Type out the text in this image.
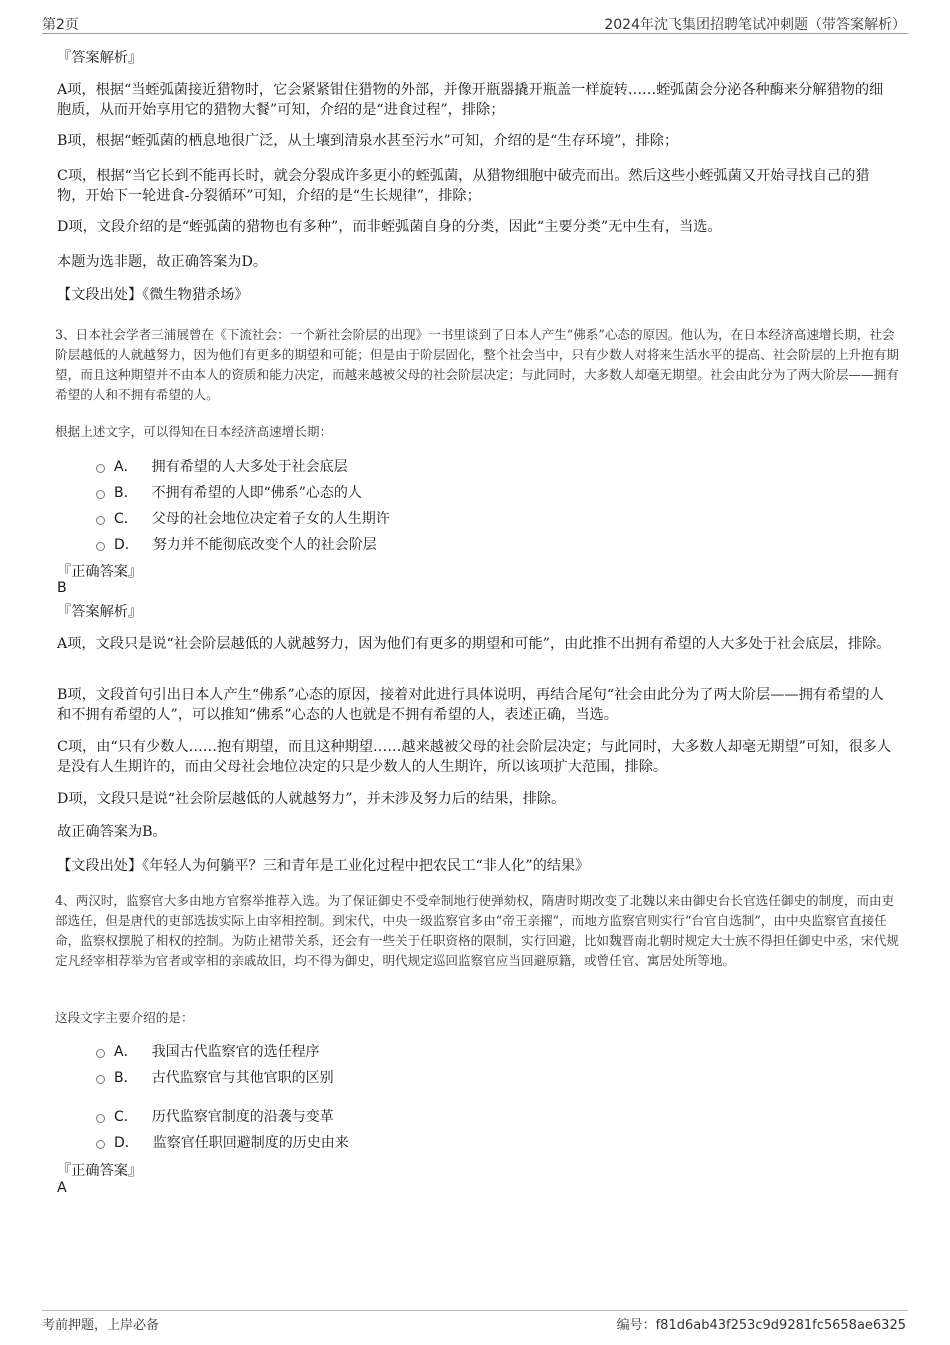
第2页	2024年沈飞集团招聘笔试冲刺题（带答案解析）
『答案解析』
A项，根据“当蛭弧菌接近猎物时，它会紧紧钳住猎物的外部，并像开瓶器撬开瓶盖一样旋转……蛭弧菌会分泌各种酶来分解猎物的细胞质，从而开始享用它的猎物大餐”可知，介绍的是“进食过程”，排除；
B项，根据“蛭弧菌的栖息地很广泛，从土壤到清泉水甚至污水”可知，介绍的是“生存环境”，排除；
C项，根据“当它长到不能再长时，就会分裂成许多更小的蛭弧菌，从猎物细胞中破壳而出。然后这些小蛭弧菌又开始寻找自己的猎物，开始下一轮进食-分裂循环”可知，介绍的是“生长规律”，排除；
D项，文段介绍的是“蛭弧菌的猎物也有多种”，而非蛭弧菌自身的分类，因此“主要分类”无中生有，当选。
本题为选非题，故正确答案为D。
【文段出处】《微生物猎杀场》
3、日本社会学者三浦展曾在《下流社会：一个新社会阶层的出现》一书里谈到了日本人产生“佛系”心态的原因。他认为，在日本经济高速增长期，社会阶层越低的人就越努力，因为他们有更多的期望和可能；但是由于阶层固化，整个社会当中，只有少数人对将来生活水平的提高、社会阶层的上升抱有期望，而且这种期望并不由本人的资质和能力决定，而越来越被父母的社会阶层决定；与此同时，大多数人却毫无期望。社会由此分为了两大阶层——拥有希望的人和不拥有希望的人。
根据上述文字，可以得知在日本经济高速增长期：
A． 拥有希望的人大多处于社会底层
B． 不拥有希望的人即“佛系”心态的人
C． 父母的社会地位决定着子女的人生期许
D． 努力并不能彻底改变个人的社会阶层
『正确答案』
B
『答案解析』
A项，文段只是说“社会阶层越低的人就越努力，因为他们有更多的期望和可能”，由此推不出拥有希望的人大多处于社会底层，排除。
B项，文段首句引出日本人产生“佛系”心态的原因，接着对此进行具体说明，再结合尾句“社会由此分为了两大阶层——拥有希望的人和不拥有希望的人”，可以推知“佛系”心态的人也就是不拥有希望的人，表述正确，当选。
C项，由“只有少数人……抱有期望，而且这种期望……越来越被父母的社会阶层决定；与此同时，大多数人却毫无期望”可知，很多人是没有人生期许的，而由父母社会地位决定的只是少数人的人生期许，所以该项扩大范围，排除。
D项，文段只是说“社会阶层越低的人就越努力”，并未涉及努力后的结果，排除。
故正确答案为B。
【文段出处】《年轻人为何躺平？三和青年是工业化过程中把农民工“非人化”的结果》
4、两汉时，监察官大多由地方官察举推荐入选。为了保证御史不受牵制地行使弹劾权，隋唐时期改变了北魏以来由御史台长官选任御史的制度，而由吏部选任，但是唐代的吏部选拔实际上由宰相控制。到宋代，中央一级监察官多由“帝王亲擢”，而地方监察官则实行“台官自选制”，由中央监察官直接任命，监察权摆脱了相权的控制。为防止裙带关系，还会有一些关于任职资格的限制，实行回避，比如魏晋南北朝时规定大士族不得担任御史中丞，宋代规定凡经宰相荐举为官者或宰相的亲戚故旧，均不得为御史，明代规定巡回监察官应当回避原籍，或曾任官、寓居处所等地。
这段文字主要介绍的是：
A． 我国古代监察官的选任程序
B． 古代监察官与其他官职的区别
C． 历代监察官制度的沿袭与变革
D． 监察官任职回避制度的历史由来
『正确答案』
A
考前押题，上岸必备	编号：f81d6ab43f253c9d9281fc5658ae6325
